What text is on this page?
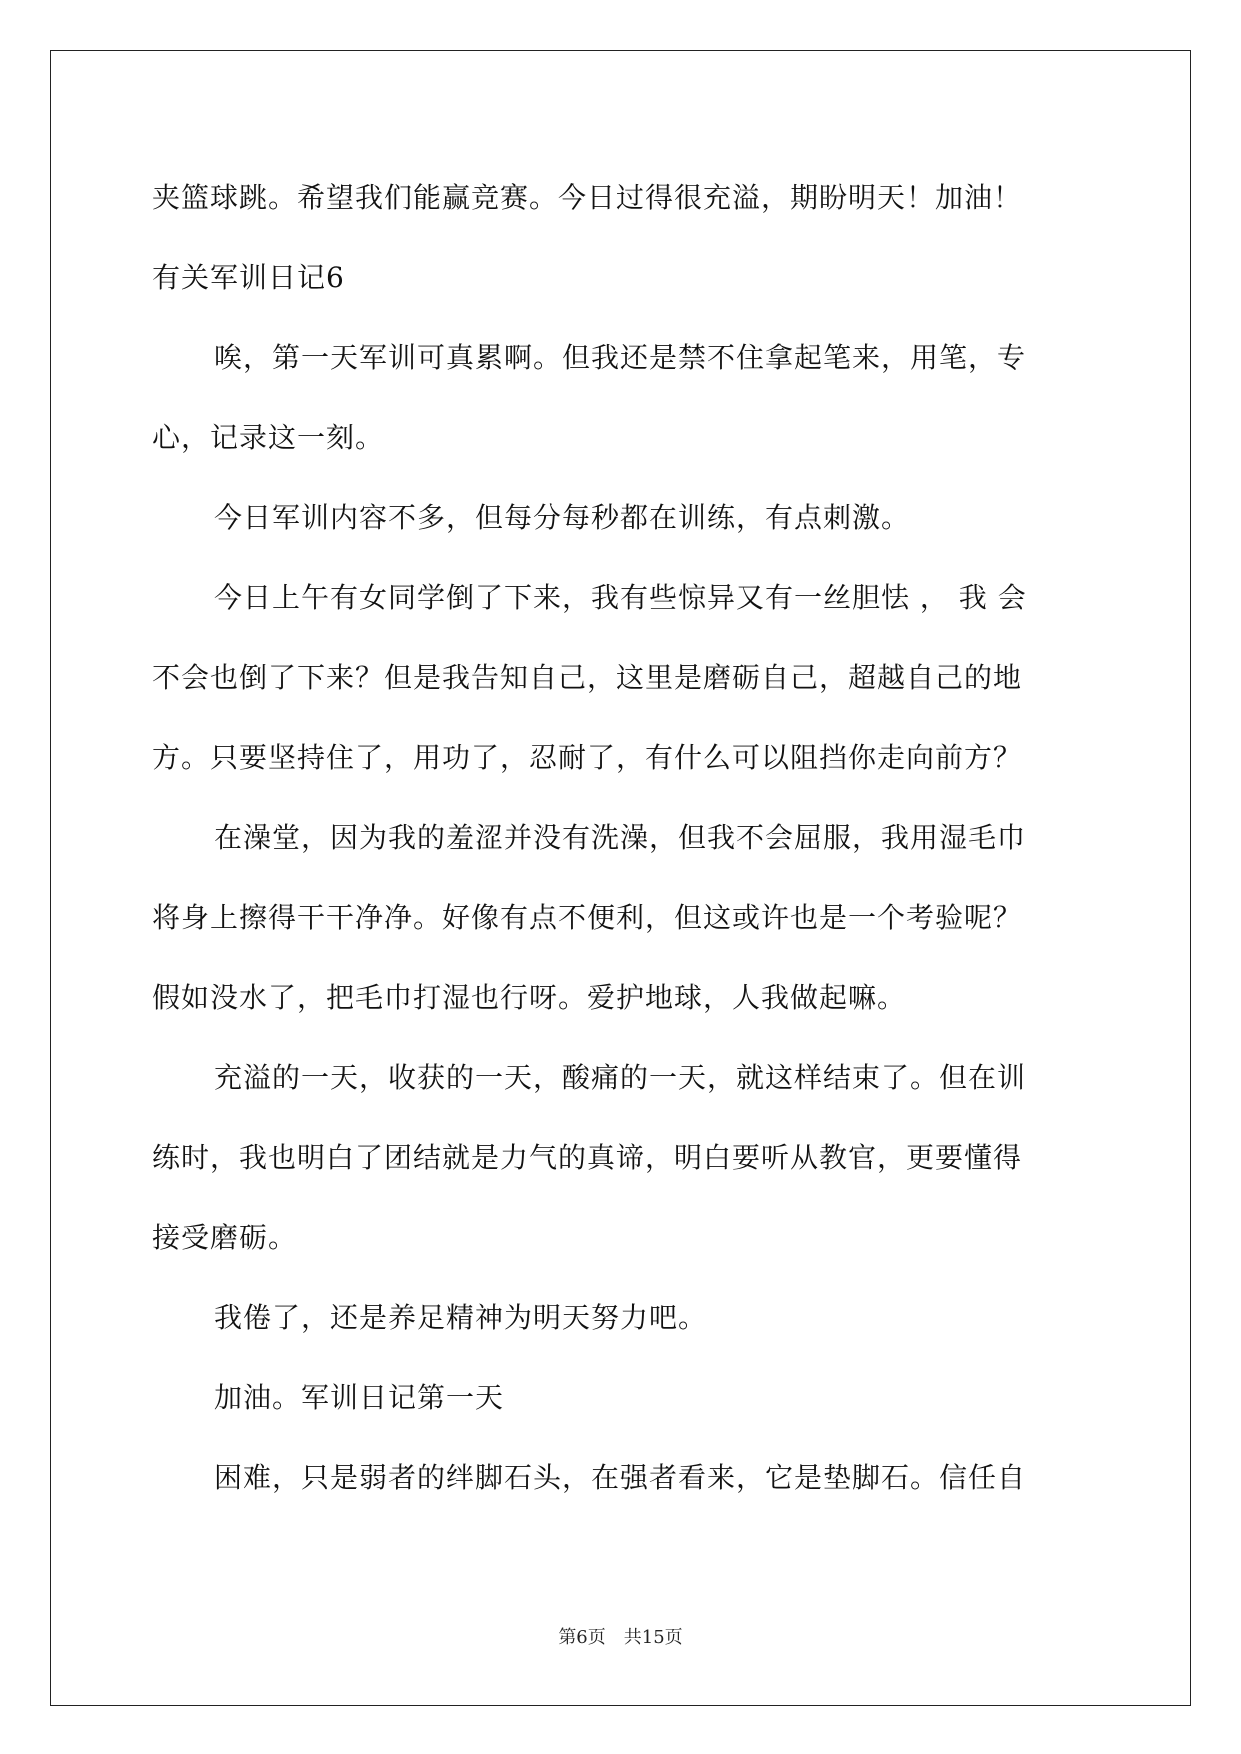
夹篮球跳。希望我们能赢竞赛。今日过得很充溢，期盼明天！加油！
有关军训日记6
唉，第一天军训可真累啊。但我还是禁不住拿起笔来，用笔，专
心，记录这一刻。
今日军训内容不多，但每分每秒都在训练，有点刺激。
今日上午有女同学倒了下来，我有些惊异又有一丝胆怯 ， 我 会
不会也倒了下来？但是我告知自己，这里是磨砺自己，超越自己的地
方。只要坚持住了，用功了，忍耐了，有什么可以阻挡你走向前方？
在澡堂，因为我的羞涩并没有洗澡，但我不会屈服，我用湿毛巾
将身上擦得干干净净。好像有点不便利，但这或许也是一个考验呢？
假如没水了，把毛巾打湿也行呀。爱护地球，人我做起嘛。
充溢的一天，收获的一天，酸痛的一天，就这样结束了。但在训
练时，我也明白了团结就是力气的真谛，明白要听从教官，更要懂得
接受磨砺。
我倦了，还是养足精神为明天努力吧。
加油。军训日记第一天
困难，只是弱者的绊脚石头，在强者看来，它是垫脚石。信任自
第6页　共15页
